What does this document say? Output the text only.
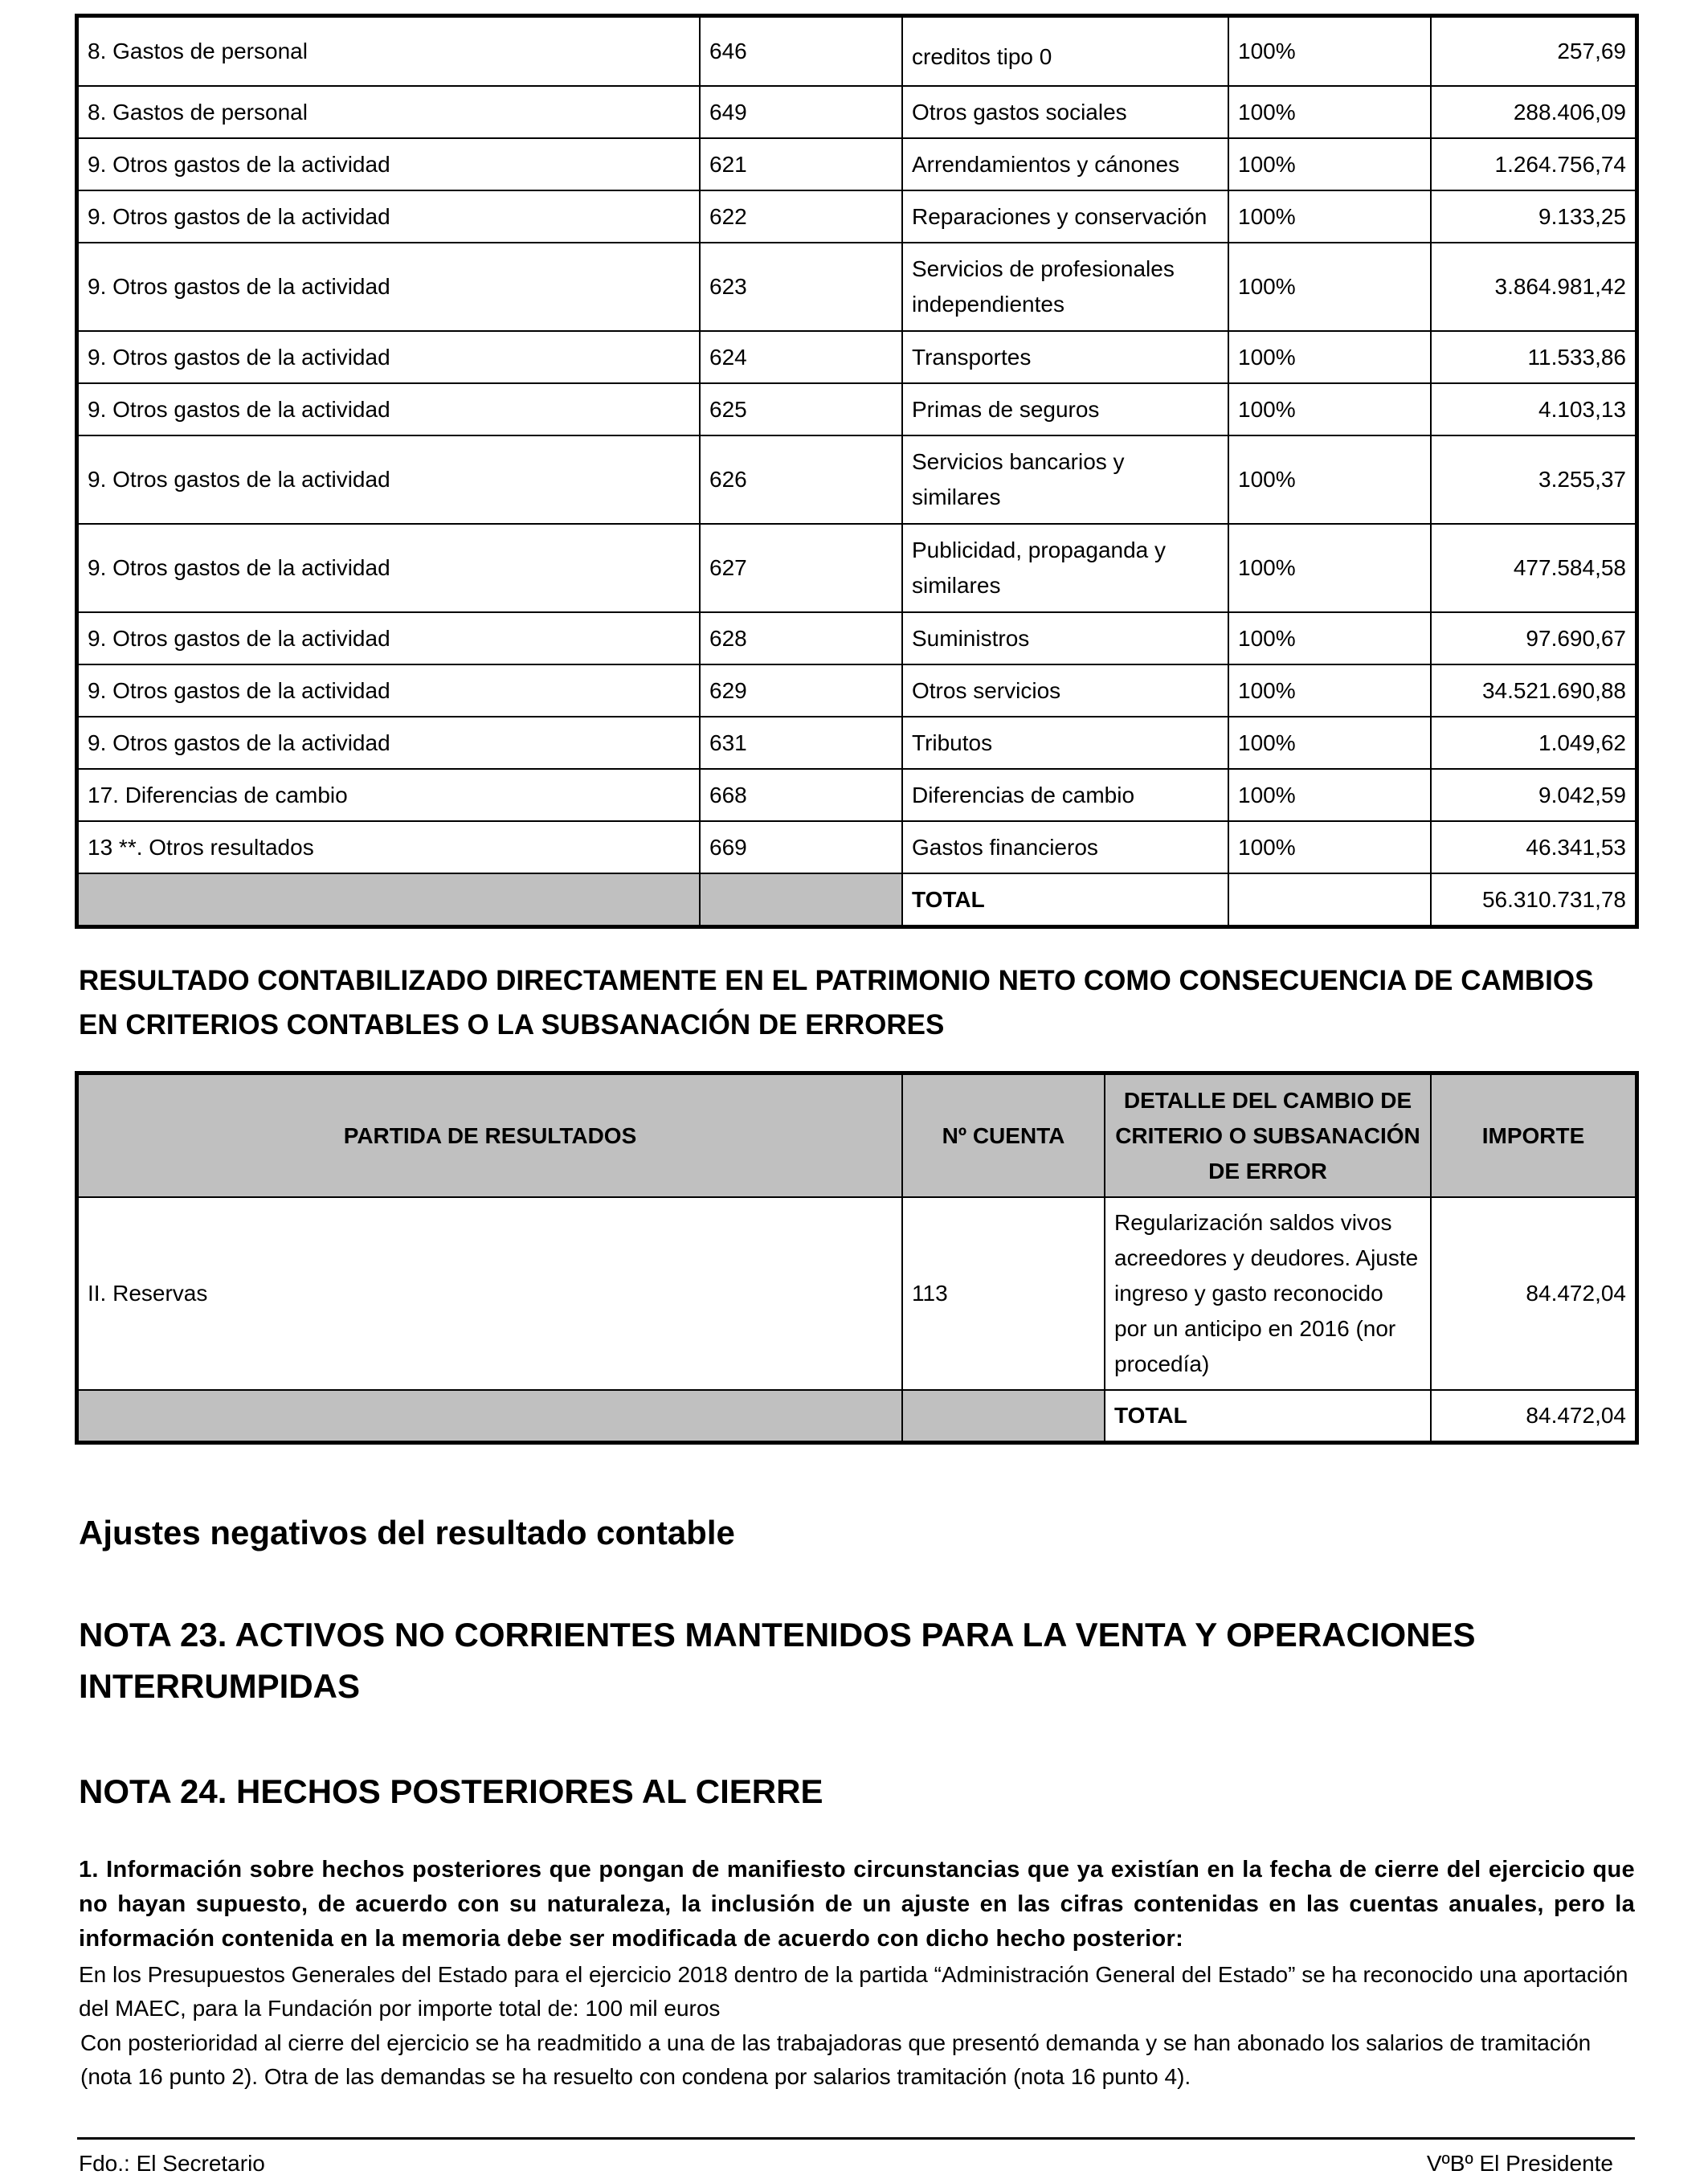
8. Gastos de personal	646	creditos tipo 0	100%	257,69
8. Gastos de personal	649	Otros gastos sociales	100%	288.406,09
9. Otros gastos de la actividad	621	Arrendamientos y cánones	100%	1.264.756,74
9. Otros gastos de la actividad	622	Reparaciones y conservación	100%	9.133,25
9. Otros gastos de la actividad	623	Servicios de profesionales independientes	100%	3.864.981,42
9. Otros gastos de la actividad	624	Transportes	100%	11.533,86
9. Otros gastos de la actividad	625	Primas de seguros	100%	4.103,13
9. Otros gastos de la actividad	626	Servicios bancarios y similares	100%	3.255,37
9. Otros gastos de la actividad	627	Publicidad, propaganda y similares	100%	477.584,58
9. Otros gastos de la actividad	628	Suministros	100%	97.690,67
9. Otros gastos de la actividad	629	Otros servicios	100%	34.521.690,88
9. Otros gastos de la actividad	631	Tributos	100%	1.049,62
17. Diferencias de cambio	668	Diferencias de cambio	100%	9.042,59
13 **. Otros resultados	669	Gastos financieros	100%	46.341,53
		TOTAL		56.310.731,78
RESULTADO CONTABILIZADO DIRECTAMENTE EN EL PATRIMONIO NETO COMO CONSECUENCIA DE CAMBIOS EN CRITERIOS CONTABLES O LA SUBSANACIÓN DE ERRORES
PARTIDA DE RESULTADOS	Nº CUENTA	DETALLE DEL CAMBIO DE CRITERIO O SUBSANACIÓN DE ERROR	IMPORTE
II. Reservas	113	Regularización saldos vivos acreedores y deudores. Ajuste ingreso y gasto reconocido por un anticipo en 2016 (nor procedía)	84.472,04
		TOTAL	84.472,04
Ajustes negativos del resultado contable
NOTA 23. ACTIVOS NO CORRIENTES MANTENIDOS PARA LA VENTA Y OPERACIONES INTERRUMPIDAS
NOTA 24. HECHOS POSTERIORES AL CIERRE
1. Información sobre hechos posteriores que pongan de manifiesto circunstancias que ya existían en la fecha de cierre del ejercicio que no hayan supuesto, de acuerdo con su naturaleza, la inclusión de un ajuste en las cifras contenidas en las cuentas anuales, pero la información contenida en la memoria debe ser modificada de acuerdo con dicho hecho posterior:
En los Presupuestos Generales del Estado para el ejercicio 2018 dentro de la partida “Administración General del Estado” se ha reconocido una aportación del MAEC, para la Fundación por importe total de: 100 mil euros
Con posterioridad al cierre del ejercicio se ha readmitido a una de las trabajadoras que presentó demanda y se han abonado los salarios de tramitación (nota 16 punto 2). Otra de las demandas se ha resuelto con condena por salarios tramitación (nota 16 punto 4).
Fdo.: El Secretario	VºBº El Presidente
